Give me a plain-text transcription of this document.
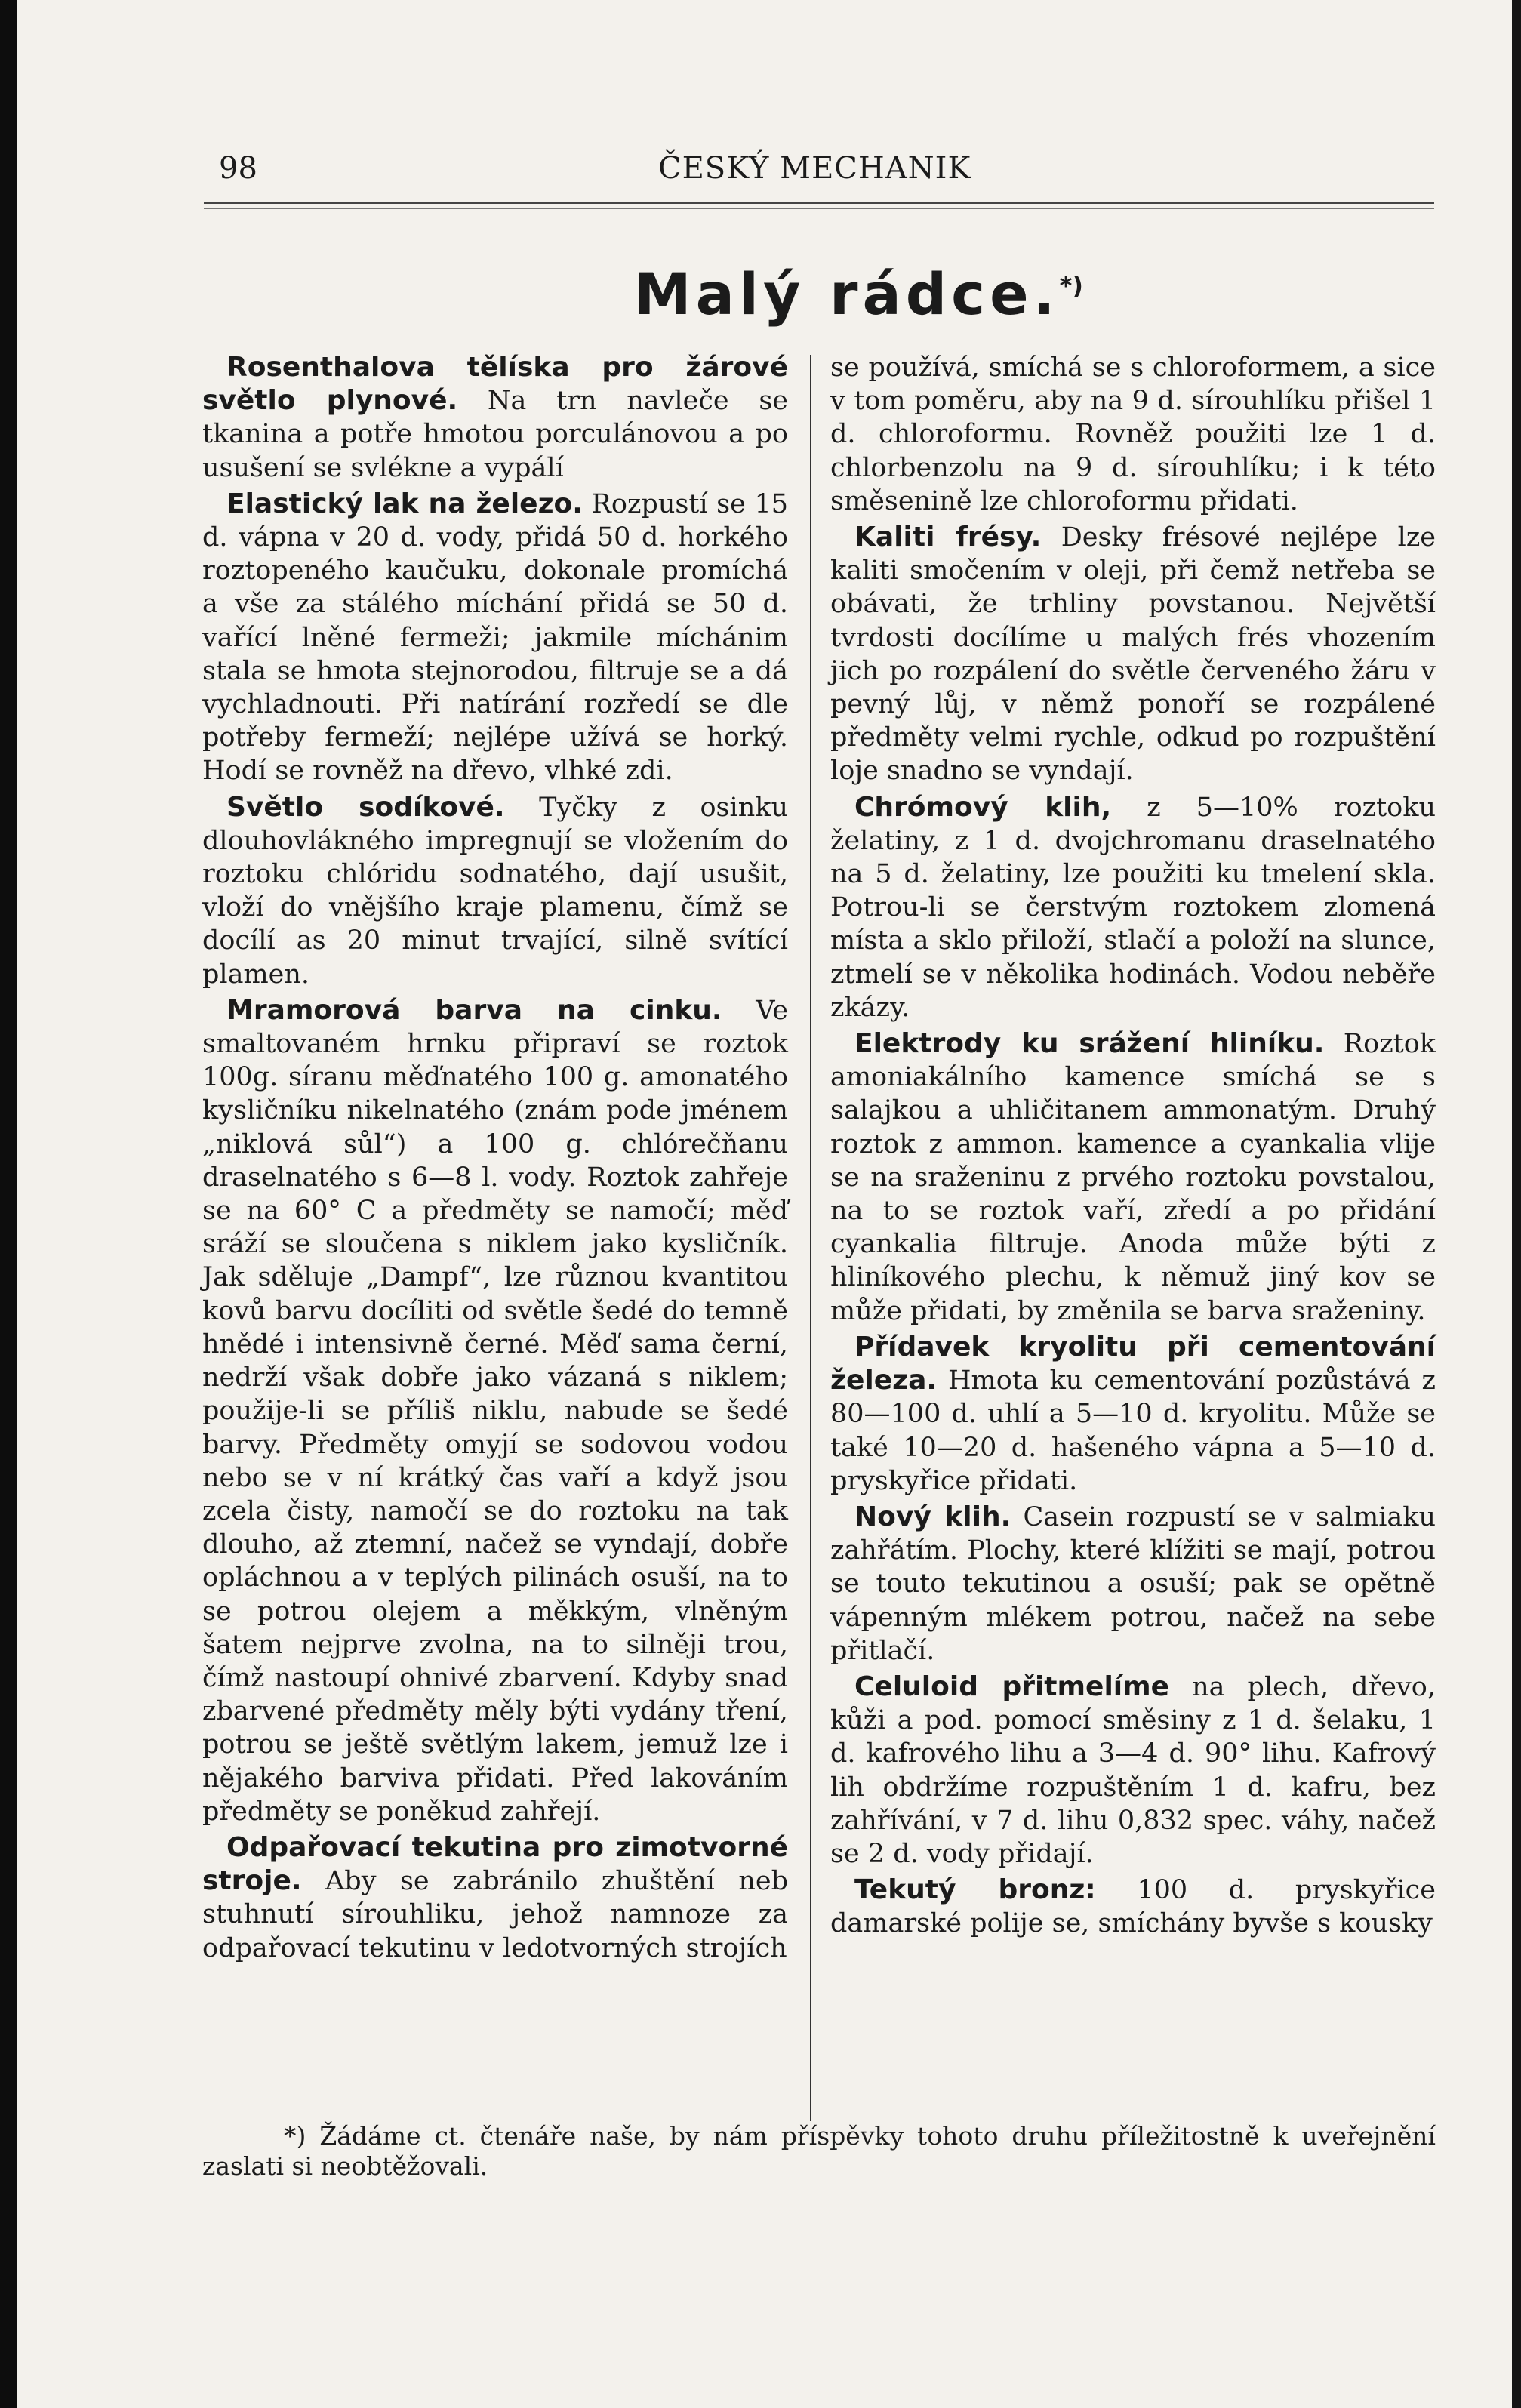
98	ČESKÝ MECHANIK
Malý rádce.*)

Rosenthalova tělíska pro žárové světlo plynové. Na trn navleče se tkanina a potře hmotou porculánovou a po usušení se svlékne a vypálí

Elastický lak na železo. Rozpustí se 15 d. vápna v 20 d. vody, přidá 50 d. horkého roztopeného kaučuku, dokonale promíchá a vše za stálého míchání přidá se 50 d. vařící lněné fermeži; jakmile míchánim stala se hmota stejnorodou, filtruje se a dá vychladnouti. Při natírání rozředí se dle potřeby fermeží; nejlépe užívá se horký. Hodí se rovněž na dřevo, vlhké zdi.

Světlo sodíkové. Tyčky z osinku dlouhovlákného impregnují se vložením do roztoku chlóridu sodnatého, dají usušit, vloží do vnějšího kraje plamenu, čímž se docílí as 20 minut trvající, silně svítící plamen.

Mramorová barva na cinku. Ve smaltovaném hrnku připraví se roztok 100g. síranu měďnatého 100 g. amonatého kysličníku nikelnatého (znám pode jménem „niklová sůl“) a 100 g. chlórečňanu draselnatého s 6—8 l. vody. Roztok zahřeje se na 60° C a předměty se namočí; měď sráží se sloučena s niklem jako kysličník. Jak sděluje „Dampf“, lze různou kvantitou kovů barvu docíliti od světle šedé do temně hnědé i intensivně černé. Měď sama černí, nedrží však dobře jako vázaná s niklem; použije-li se příliš niklu, nabude se šedé barvy. Předměty omyjí se sodovou vodou nebo se v ní krátký čas vaří a když jsou zcela čisty, namočí se do roztoku na tak dlouho, až ztemní, načež se vyndají, dobře opláchnou a v teplých pilinách osuší, na to se potrou olejem a měkkým, vlněným šatem nejprve zvolna, na to silněji trou, čímž nastoupí ohnivé zbarvení. Kdyby snad zbarvené předměty měly býti vydány tření, potrou se ještě světlým lakem, jemuž lze i nějakého barviva přidati. Před lakováním předměty se poněkud zahřejí.

Odpařovací tekutina pro zimotvorné stroje. Aby se zabránilo zhuštění neb stuhnutí sírouhliku, jehož namnoze za odpařovací tekutinu v ledotvorných strojích

se používá, smíchá se s chloroformem, a sice v tom poměru, aby na 9 d. sírouhlíku přišel 1 d. chloroformu. Rovněž použiti lze 1 d. chlorbenzolu na 9 d. sírouhlíku; i k této směsenině lze chloroformu přidati.

Kaliti frésy. Desky frésové nejlépe lze kaliti smočením v oleji, při čemž netřeba se obávati, že trhliny povstanou. Největší tvrdosti docílíme u malých frés vhozením jich po rozpálení do světle červeného žáru v pevný lůj, v němž ponoří se rozpálené předměty velmi rychle, odkud po rozpuštění loje snadno se vyndají.

Chrómový klih, z 5—10% roztoku želatiny, z 1 d. dvojchromanu draselnatého na 5 d. želatiny, lze použiti ku tmelení skla. Potrou-li se čerstvým roztokem zlomená místa a sklo přiloží, stlačí a položí na slunce, ztmelí se v několika hodinách. Vodou neběře zkázy.

Elektrody ku srážení hliníku. Roztok amoniakálního kamence smíchá se s salajkou a uhličitanem ammonatým. Druhý roztok z ammon. kamence a cyankalia vlije se na sraženinu z prvého roztoku povstalou, na to se roztok vaří, zředí a po přidání cyankalia filtruje. Anoda může býti z hliníkového plechu, k němuž jiný kov se může přidati, by změnila se barva sraženiny.

Přídavek kryolitu při cementování železa. Hmota ku cementování pozůstává z 80—100 d. uhlí a 5—10 d. kryolitu. Může se také 10—20 d. hašeného vápna a 5—10 d. pryskyřice přidati.

Nový klih. Casein rozpustí se v salmiaku zahřátím. Plochy, které klížiti se mají, potrou se touto tekutinou a osuší; pak se opětně vápenným mlékem potrou, načež na sebe přitlačí.

Celuloid přitmelíme na plech, dřevo, kůži a pod. pomocí směsiny z 1 d. šelaku, 1 d. kafrového lihu a 3—4 d. 90° lihu. Kafrový lih obdržíme rozpuštěním 1 d. kafru, bez zahřívání, v 7 d. lihu 0,832 spec. váhy, načež se 2 d. vody přidají.

Tekutý bronz: 100 d. pryskyřice damarské polije se, smíchány byvše s kousky

*) Žádáme ct. čtenáře naše, by nám příspěvky tohoto druhu příležitostně k uveřejnění zaslati si neobtěžovali.
